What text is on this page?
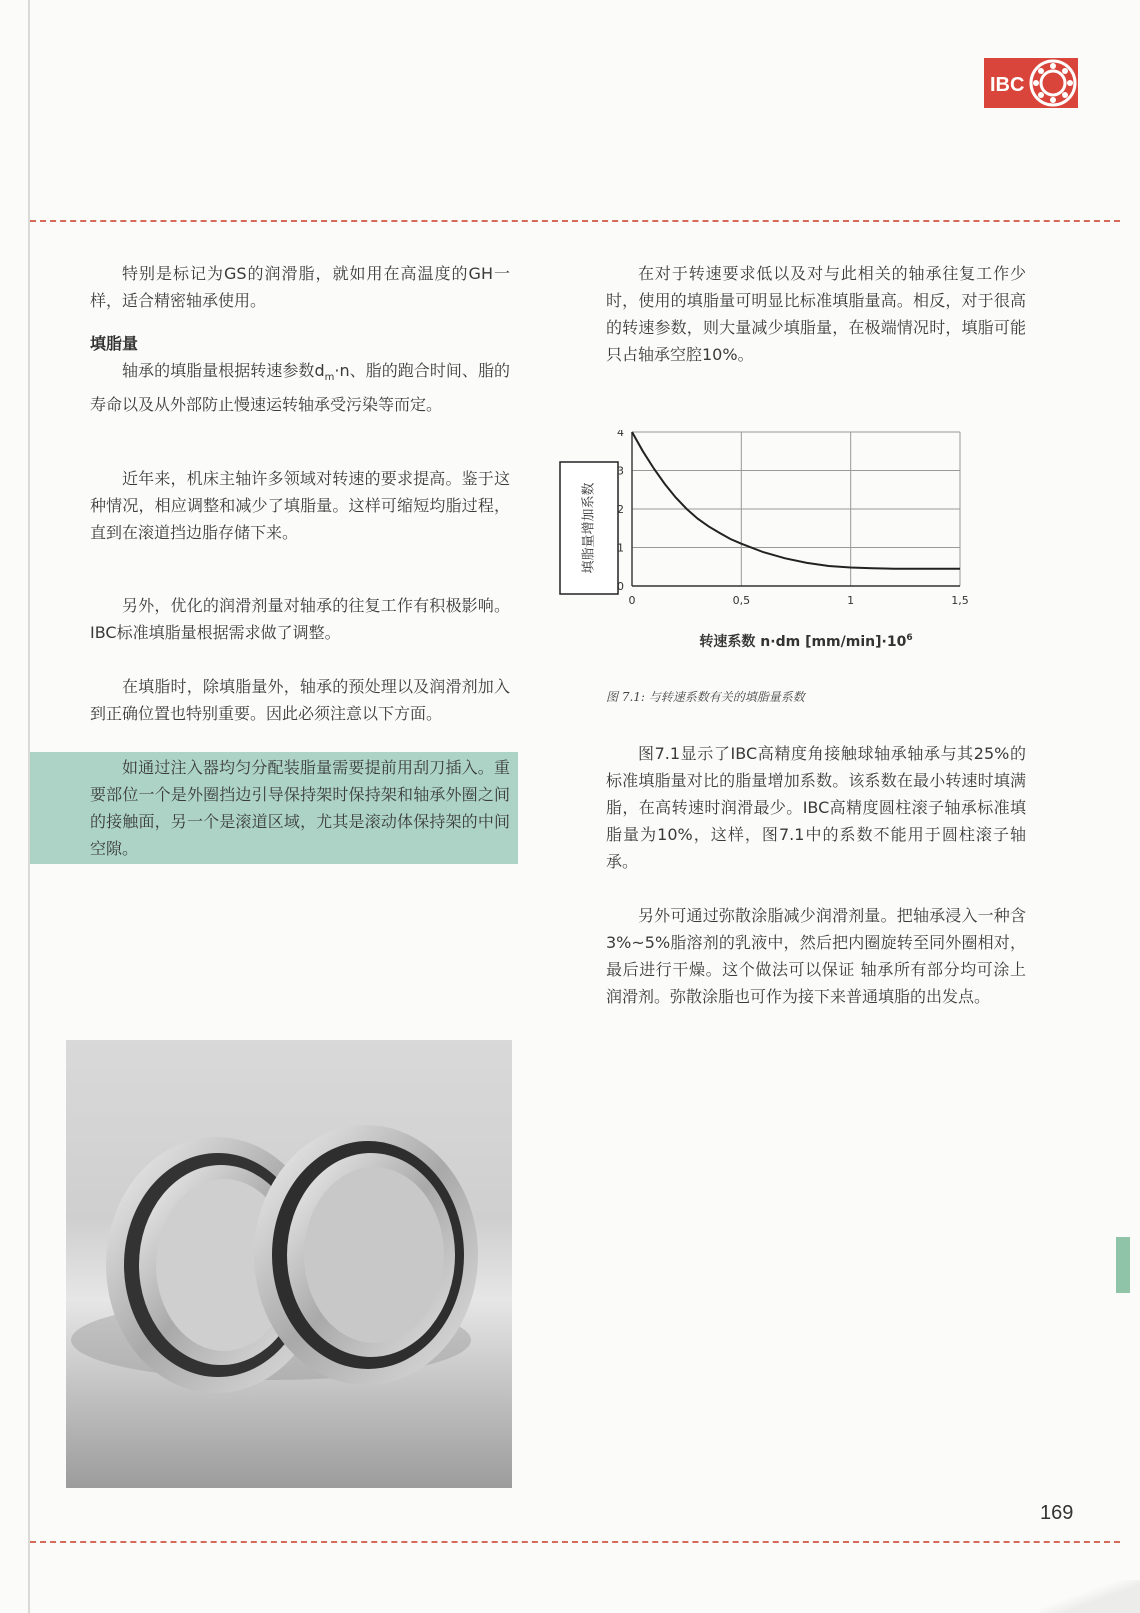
IBC

特别是标记为GS的润滑脂，就如用在高温度的GH一样，适合精密轴承使用。

填脂量

轴承的填脂量根据转速参数$d_m\cdot n$、脂的跑合时间、脂的寿命以及从外部防止慢速运转轴承受污染等而定。

近年来，机床主轴许多领域对转速的要求提高。鉴于这种情况，相应调整和减少了填脂量。这样可缩短均脂过程，直到在滚道挡边脂存储下来。

另外，优化的润滑剂量对轴承的往复工作有积极影响。IBC标准填脂量根据需求做了调整。

在填脂时，除填脂量外，轴承的预处理以及润滑剂加入到正确位置也特别重要。因此必须注意以下方面。

如通过注入器均匀分配装脂量需要提前用刮刀插入。重要部位一个是外圈挡边引导保持架时保持架和轴承外圈之间的接触面，另一个是滚道区域，尤其是滚动体保持架的中间空隙。

在对于转速要求低以及对与此相关的轴承往复工作少时，使用的填脂量可明显比标准填脂量高。相反，对于很高的转速参数，则大量减少填脂量，在极端情况时，填脂可能只占轴承空腔10%。

填脂量增加系数
0
1
2
3
4
0	0,5	1	1,5
转速系数 n·dm $[mm/\min]\cdot 10^6$
图 7.1: 与转速系数有关的填脂量系数

图7.1显示了IBC高精度角接触球轴承轴承与其25%的标准填脂量对比的脂量增加系数。该系数在最小转速时填满脂，在高转速时润滑最少。IBC高精度圆柱滚子轴承标准填脂量为10%，这样，图7.1中的系数不能用于圆柱滚子轴承。

另外可通过弥散涂脂减少润滑剂量。把轴承浸入一种含3%~5%脂溶剂的乳液中，然后把内圈旋转至同外圈相对，最后进行干燥。这个做法可以保证 轴承所有部分均可涂上润滑剂。弥散涂脂也可作为接下来普通填脂的出发点。

169
